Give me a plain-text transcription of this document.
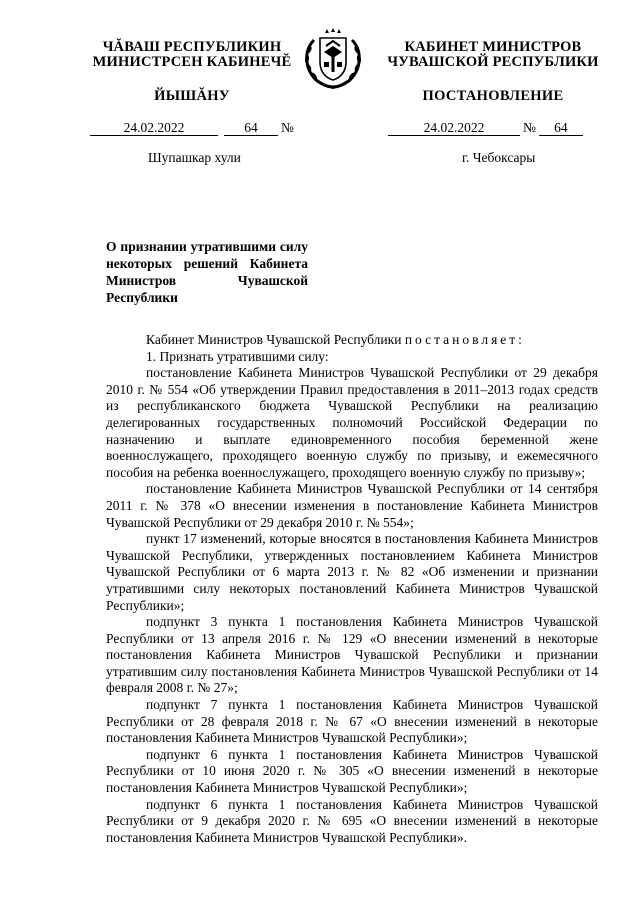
ЧĂВАШ РЕСПУБЛИКИН
МИНИСТРСЕН КАБИНЕЧĔ
КАБИНЕТ МИНИСТРОВ
ЧУВАШСКОЙ РЕСПУБЛИКИ
ЙЫШĂНУ	ПОСТАНОВЛЕНИЕ
24.02.2022	64 №	24.02.2022	№ 64
Шупашкар хули	г. Чебоксары
О признании утратившими силу некоторых решений Кабинета Министров Чувашской Республики

Кабинет Министров Чувашской Республики постановляет:

1. Признать утратившими силу:

постановление Кабинета Министров Чувашской Республики от 29 декабря 2010 г. № 554 «Об утверждении Правил предоставления в 2011–2013 годах средств из республиканского бюджета Чувашской Республики на реализацию делегированных государственных полномочий Российской Федерации по назначению и выплате единовременного пособия беременной жене военнослужащего, проходящего военную службу по призыву, и ежемесячного пособия на ребенка военнослужащего, проходящего военную службу по призыву»;

постановление Кабинета Министров Чувашской Республики от 14 сентября 2011 г. № 378 «О внесении изменения в постановление Кабинета Министров Чувашской Республики от 29 декабря 2010 г. № 554»;

пункт 17 изменений, которые вносятся в постановления Кабинета Министров Чувашской Республики, утвержденных постановлением Кабинета Министров Чувашской Республики от 6 марта 2013 г. № 82 «Об изменении и признании утратившими силу некоторых постановлений Кабинета Министров Чувашской Республики»;

подпункт 3 пункта 1 постановления Кабинета Министров Чувашской Республики от 13 апреля 2016 г. № 129 «О внесении изменений в некоторые постановления Кабинета Министров Чувашской Республики и признании утратившим силу постановления Кабинета Министров Чувашской Республики от 14 февраля 2008 г. № 27»;

подпункт 7 пункта 1 постановления Кабинета Министров Чувашской Республики от 28 февраля 2018 г. № 67 «О внесении изменений в некоторые постановления Кабинета Министров Чувашской Республики»;

подпункт 6 пункта 1 постановления Кабинета Министров Чувашской Республики от 10 июня 2020 г. № 305 «О внесении изменений в некоторые постановления Кабинета Министров Чувашской Республики»;

подпункт 6 пункта 1 постановления Кабинета Министров Чувашской Республики от 9 декабря 2020 г. № 695 «О внесении изменений в некоторые постановления Кабинета Министров Чувашской Республики».
